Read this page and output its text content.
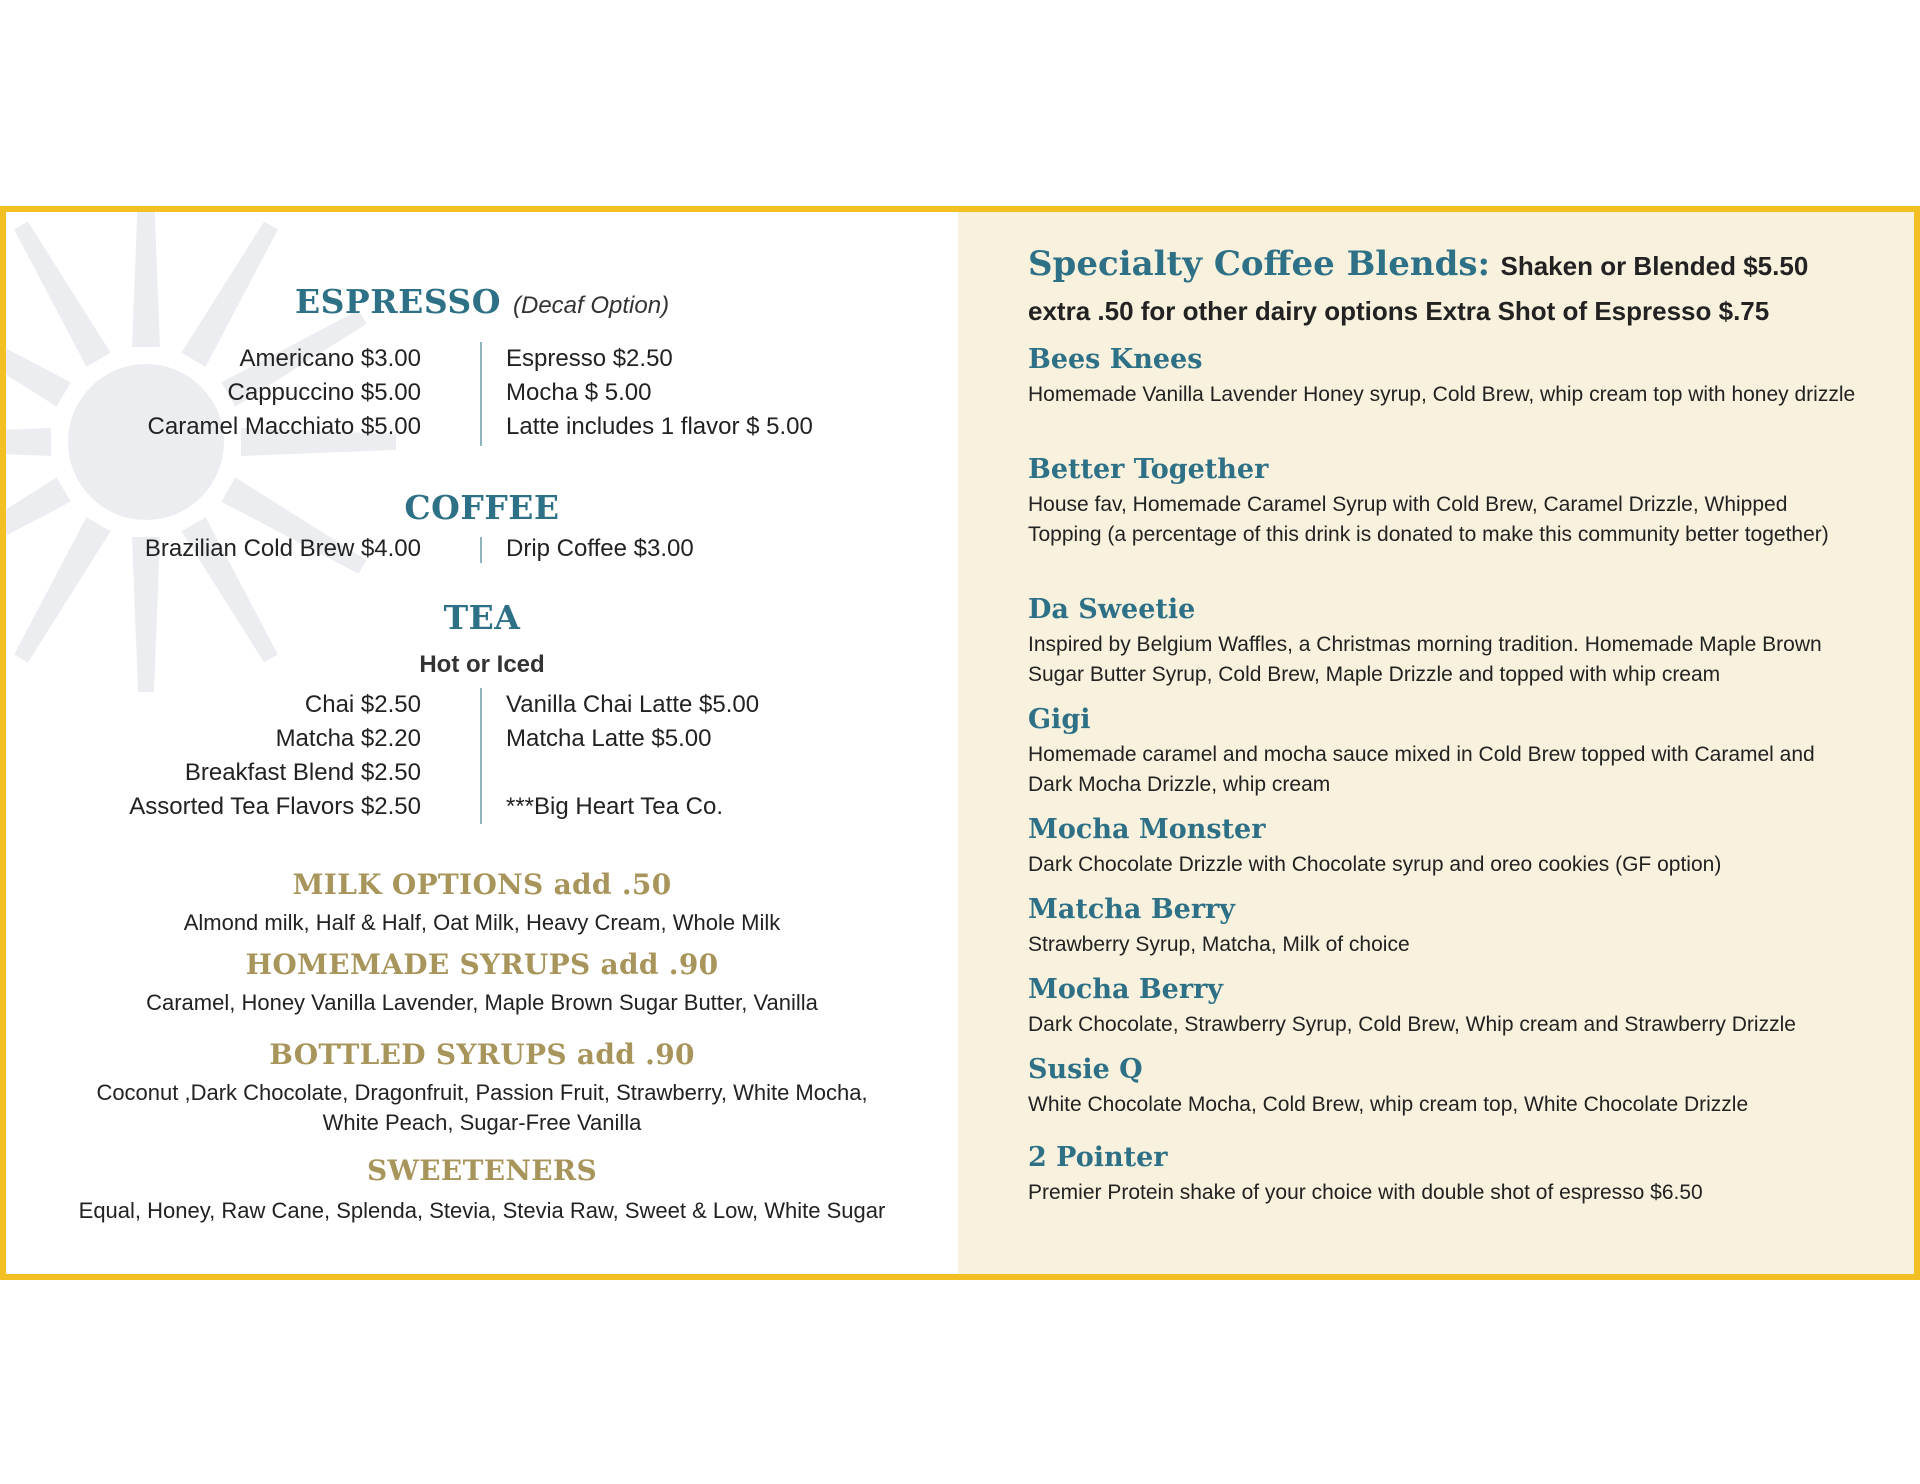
ESPRESSO (Decaf Option)
Americano $3.00
Cappuccino $5.00
Caramel Macchiato $5.00
Espresso $2.50
Mocha $ 5.00
Latte includes 1 flavor $ 5.00
COFFEE
Brazilian Cold Brew $4.00	Drip Coffee $3.00
TEA
Hot or Iced
Chai $2.50
Matcha $2.20
Breakfast Blend $2.50
Assorted Tea Flavors $2.50
Vanilla Chai Latte $5.00
Matcha Latte $5.00

***Big Heart Tea Co.
MILK OPTIONS add .50
Almond milk, Half & Half, Oat Milk, Heavy Cream, Whole Milk
HOMEMADE SYRUPS add .90
Caramel, Honey Vanilla Lavender, Maple Brown Sugar Butter, Vanilla
BOTTLED SYRUPS add .90
Coconut ,Dark Chocolate, Dragonfruit, Passion Fruit, Strawberry, White Mocha,
White Peach, Sugar-Free Vanilla
SWEETENERS
Equal, Honey, Raw Cane, Splenda, Stevia, Stevia Raw, Sweet & Low, White Sugar
Specialty Coffee Blends: Shaken or Blended $5.50
extra .50 for other dairy options Extra Shot of Espresso $.75
Bees Knees
Homemade Vanilla Lavender Honey syrup, Cold Brew, whip cream top with honey drizzle
Better Together
House fav, Homemade Caramel Syrup with Cold Brew, Caramel Drizzle, Whipped Topping (a percentage of this drink is donated to make this community better together)
Da Sweetie
Inspired by Belgium Waffles, a Christmas morning tradition. Homemade Maple Brown Sugar Butter Syrup, Cold Brew, Maple Drizzle and topped with whip cream
Gigi
Homemade caramel and mocha sauce mixed in Cold Brew topped with Caramel and Dark Mocha Drizzle, whip cream
Mocha Monster
Dark Chocolate Drizzle with Chocolate syrup and oreo cookies (GF option)
Matcha Berry
Strawberry Syrup, Matcha, Milk of choice
Mocha Berry
Dark Chocolate, Strawberry Syrup, Cold Brew, Whip cream and Strawberry Drizzle
Susie Q
White Chocolate Mocha, Cold Brew, whip cream top, White Chocolate Drizzle
2 Pointer
Premier Protein shake of your choice with double shot of espresso $6.50
